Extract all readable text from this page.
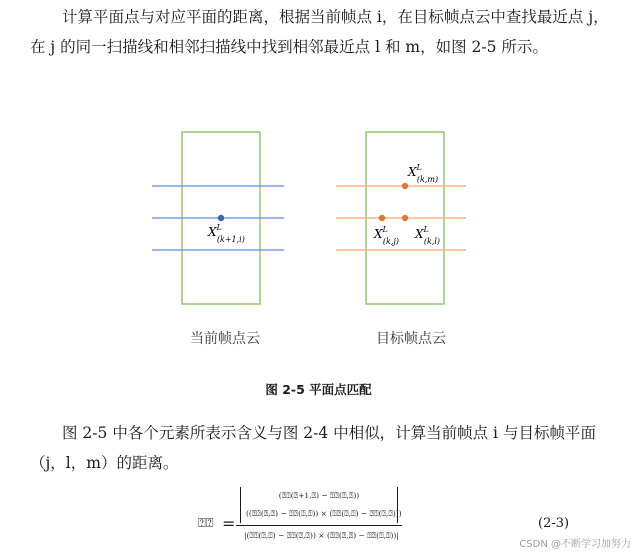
计算平面点与对应平面的距离，根据当前帧点 i，在目标帧点云中查找最近点 j，在 j 的同一扫描线和相邻扫描线中找到相邻最近点 l 和 m，如图 2-5 所示。

$X^L$ (k+1,i)
$X^L$ (k,m)
$X^L$ (k,j)
$X^L$ (k,l)
当前帧点云	目标帧点云
图 2-5 平面点匹配

图 2-5 中各个元素所表示含义与图 2-4 中相似，计算当前帧点 i 与目标帧平面（j，l，m）的距离。

⍰⍰ =
(⍰⍰(⍰+1,⍰) − ⍰⍰(⍰,⍰))
((⍰⍰(⍰,⍰) − ⍰⍰(⍰,⍰)) × (⍰⍰(⍰,⍰) − ⍰⍰(⍰,⍰)))
|(⍰⍰(⍰,⍰) − ⍰⍰(⍰,⍰)) × (⍰⍰(⍰,⍰) − ⍰⍰(⍰,⍰))|
(2-3)
CSDN @不断学习加努力
